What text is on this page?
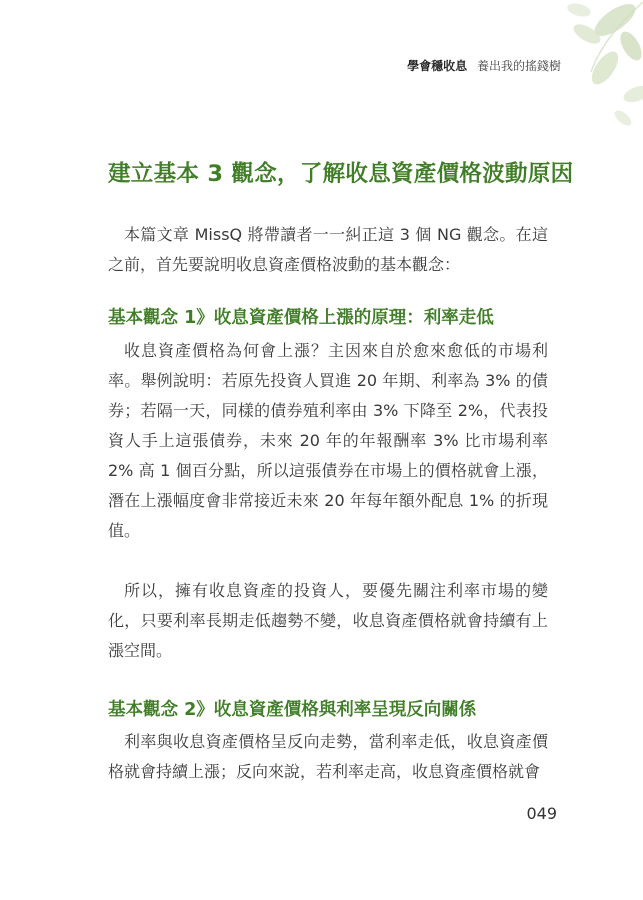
學會穩收息 養出我的搖錢樹
建立基本 3 觀念，了解收息資產價格波動原因

本篇文章 MissQ 將帶讀者一一糾正這 3 個 NG 觀念。在這之前，首先要說明收息資產價格波動的基本觀念：

基本觀念 1》收息資產價格上漲的原理：利率走低

收息資產價格為何會上漲？主因來自於愈來愈低的市場利率。舉例說明：若原先投資人買進 20 年期、利率為 3% 的債券；若隔一天，同樣的債券殖利率由 3% 下降至 2%，代表投資人手上這張債券，未來 20 年的年報酬率 3% 比市場利率 2% 高 1 個百分點，所以這張債券在市場上的價格就會上漲，潛在上漲幅度會非常接近未來 20 年每年額外配息 1% 的折現值。

所以，擁有收息資產的投資人，要優先關注利率市場的變化，只要利率長期走低趨勢不變，收息資產價格就會持續有上漲空間。

基本觀念 2》收息資產價格與利率呈現反向關係

利率與收息資產價格呈反向走勢，當利率走低，收息資產價格就會持續上漲；反向來說，若利率走高，收息資產價格就會

049
